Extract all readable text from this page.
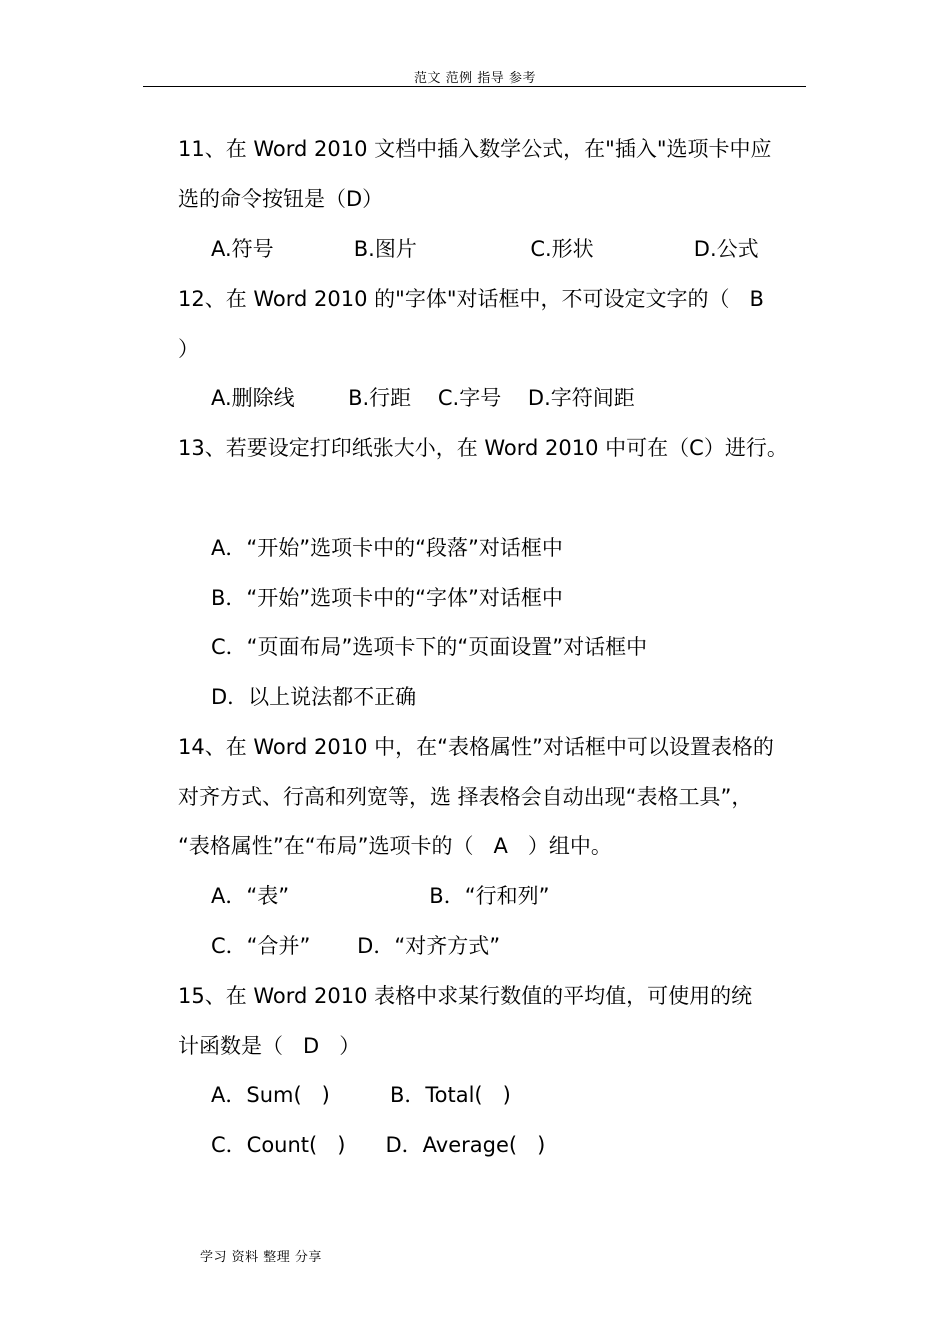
范文 范例 指导 参考
11、在 Word 2010 文档中插入数学公式，在"插入"选项卡中应
选的命令按钮是（D）
A.符号            B.图片                 C.形状               D.公式
12、在 Word 2010 的"字体"对话框中，不可设定文字的（   B
）
A.删除线        B.行距    C.字号    D.字符间距
13、若要设定打印纸张大小，在 Word 2010 中可在（C）进行。
A．“开始”选项卡中的“段落”对话框中
B．“开始”选项卡中的“字体”对话框中
C．“页面布局”选项卡下的“页面设置”对话框中
D．以上说法都不正确
14、在 Word 2010 中，在“表格属性”对话框中可以设置表格的
对齐方式、行高和列宽等，选 择表格会自动出现“表格工具”，
“表格属性”在“布局”选项卡的（   A   ）组中。
A．“表”                     B．“行和列”
C．“合并”       D．“对齐方式”
15、在 Word 2010 表格中求某行数值的平均值，可使用的统
计函数是（   D   ）
A．Sum(   )         B．Total(   )
C．Count(   )      D．Average(   )
学习 资料 整理 分享
